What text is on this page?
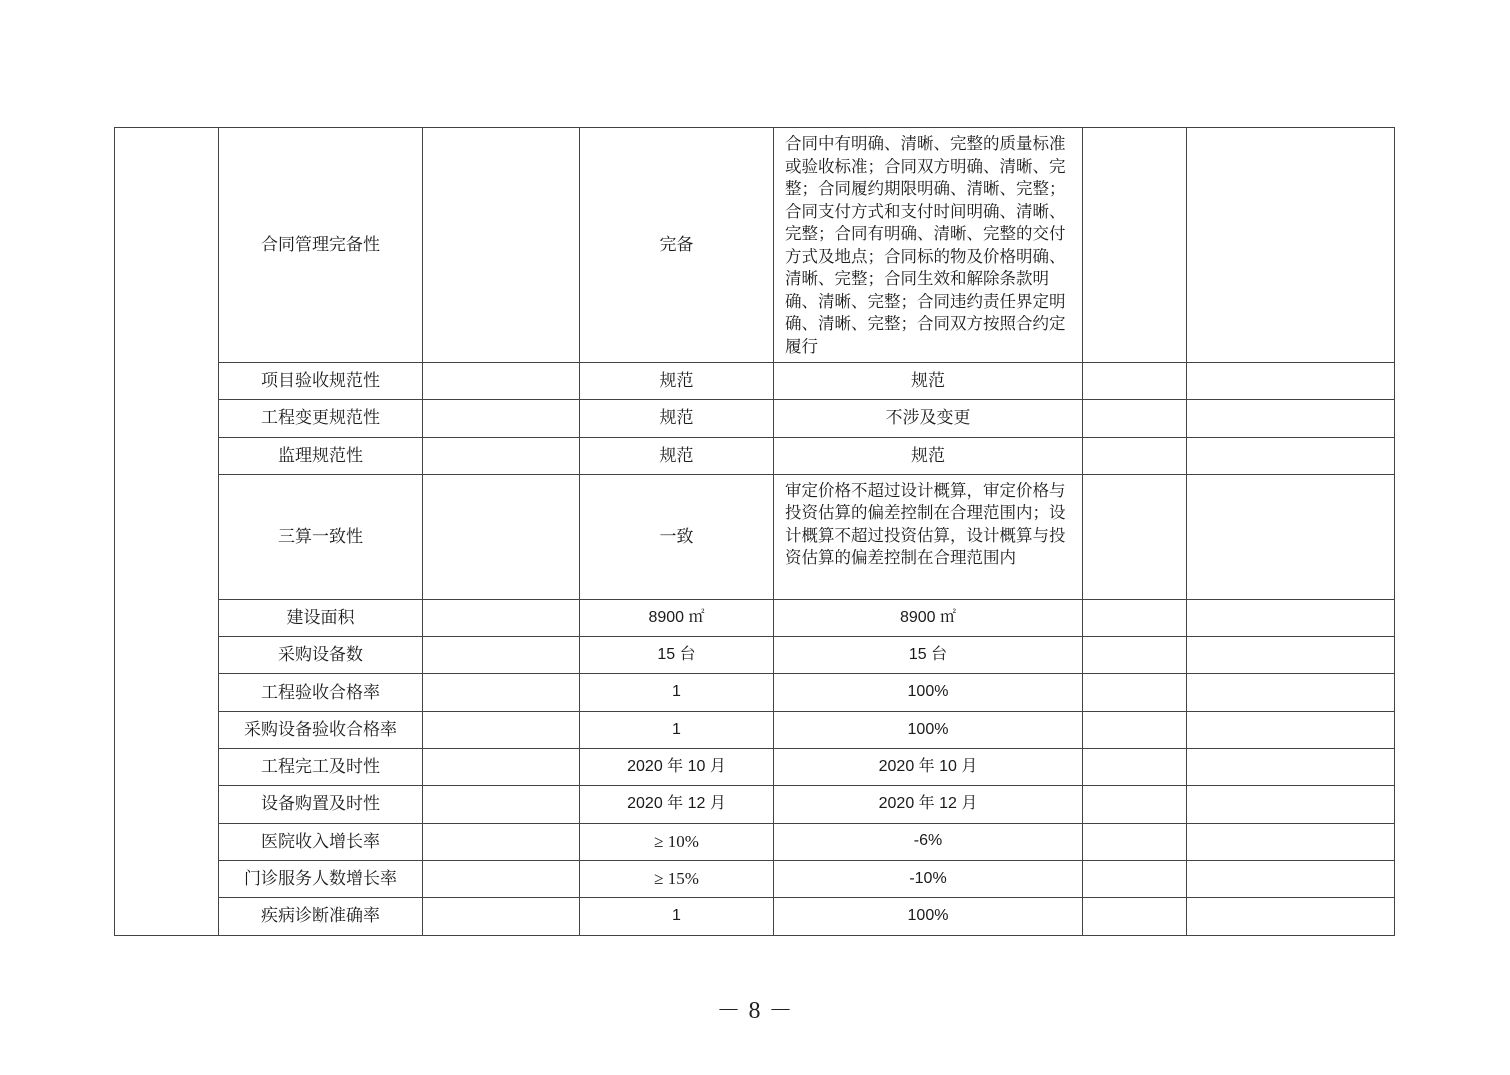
	合同管理完备性		完备	合同中有明确、清晰、完整的质量标准或验收标准；合同双方明确、清晰、完整；合同履约期限明确、清晰、完整；合同支付方式和支付时间明确、清晰、完整；合同有明确、清晰、完整的交付方式及地点；合同标的物及价格明确、清晰、完整；合同生效和解除条款明确、清晰、完整；合同违约责任界定明确、清晰、完整；合同双方按照合约定履行		
	项目验收规范性		规范	规范		
	工程变更规范性		规范	不涉及变更		
	监理规范性		规范	规范		
	三算一致性		一致	审定价格不超过设计概算，审定价格与投资估算的偏差控制在合理范围内；设计概算不超过投资估算，设计概算与投资估算的偏差控制在合理范围内		
	建设面积		8900 ㎡	8900 ㎡		
	采购设备数		15 台	15 台		
	工程验收合格率		1	100%		
	采购设备验收合格率		1	100%		
	工程完工及时性		2020 年 10 月	2020 年 10 月		
	设备购置及时性		2020 年 12 月	2020 年 12 月		
	医院收入增长率		≥ 10%	-6%		
	门诊服务人数增长率		≥ 15%	-10%		
	疾病诊断准确率		1	100%		
－ 8 －
